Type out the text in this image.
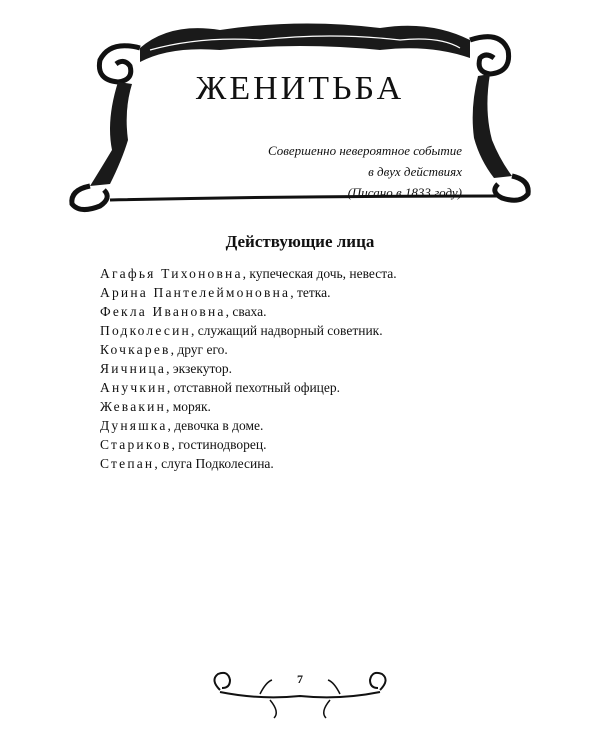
ЖЕНИТЬБА
Совершенно невероятное событие
в двух действиях
(Писано в 1833 году)
Действующие лица
Агафья Тихоновна, купеческая дочь, невеста.
Арина Пантелеймоновна, тетка.
Фекла Ивановна, сваха.
Подколесин, служащий надворный советник.
Кочкарев, друг его.
Яичница, экзекутор.
Анучкин, отставной пехотный офицер.
Жевакин, моряк.
Дуняшка, девочка в доме.
Стариков, гостинодворец.
Степан, слуга Подколесина.
7
